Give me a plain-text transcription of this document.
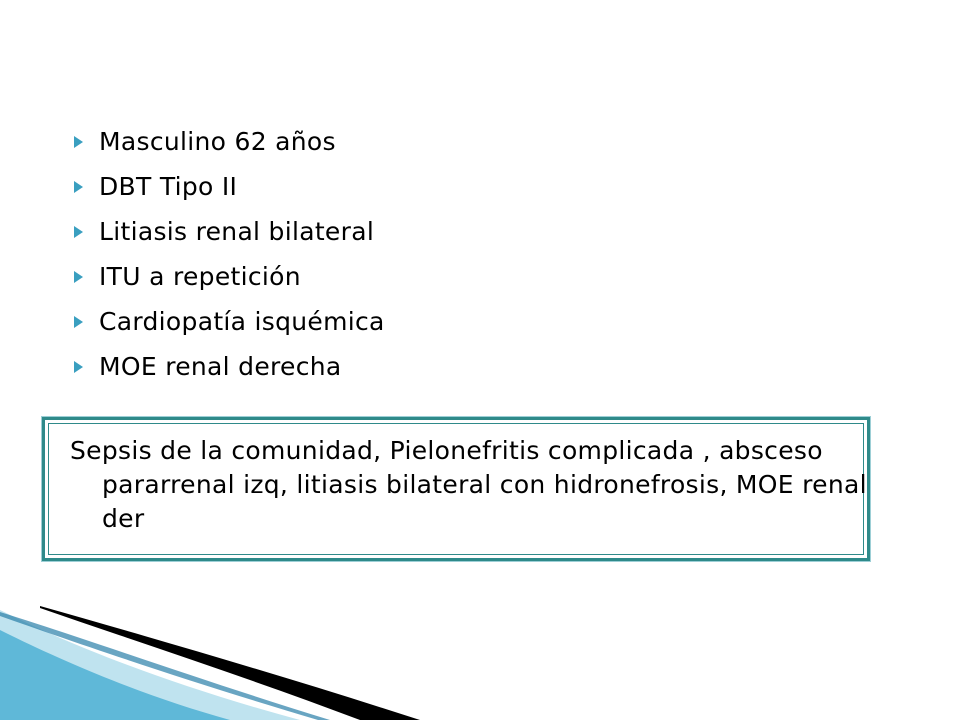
Masculino 62 años
DBT Tipo II
Litiasis renal bilateral
ITU a repetición
Cardiopatía isquémica
MOE renal derecha
Sepsis de la comunidad, Pielonefritis complicada , absceso pararrenal izq, litiasis bilateral con hidronefrosis, MOE renal der
